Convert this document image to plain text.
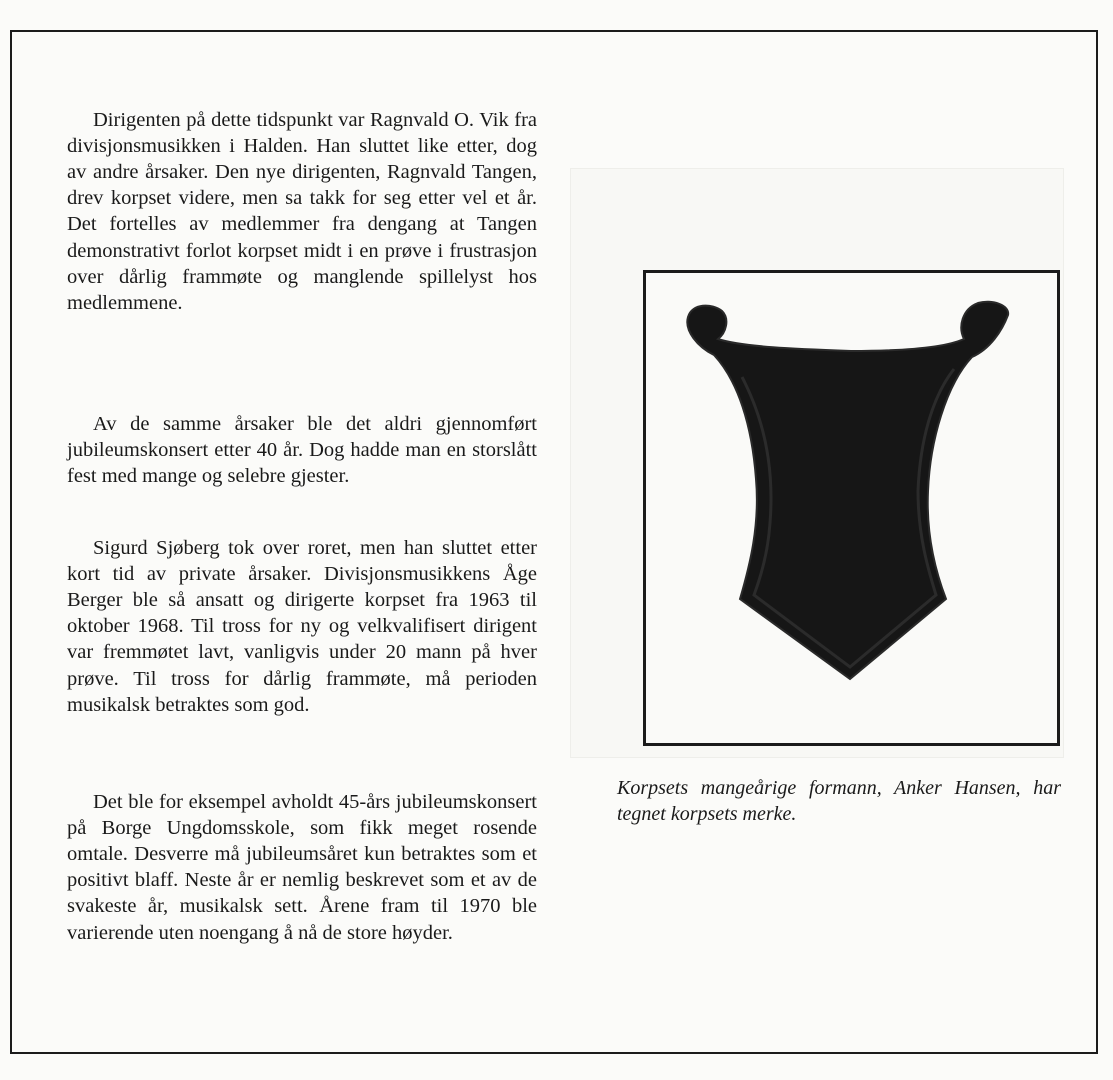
Dirigenten på dette tidspunkt var Ragnvald O. Vik fra divisjonsmusikken i Halden. Han sluttet like etter, dog av andre årsaker. Den nye dirigenten, Ragnvald Tangen, drev korpset videre, men sa takk for seg etter vel et år. Det fortelles av medlemmer fra dengang at Tangen demonstrativt forlot korpset midt i en prøve i frustrasjon over dårlig frammøte og manglende spillelyst hos medlemmene.

Av de samme årsaker ble det aldri gjennomført jubileumskonsert etter 40 år. Dog hadde man en storslått fest med mange og selebre gjester.

Sigurd Sjøberg tok over roret, men han sluttet etter kort tid av private årsaker. Divisjonsmusikkens Åge Berger ble så ansatt og dirigerte korpset fra 1963 til oktober 1968. Til tross for ny og velkvalifisert dirigent var fremmøtet lavt, vanligvis under 20 mann på hver prøve. Til tross for dårlig frammøte, må perioden musikalsk betraktes som god.

Det ble for eksempel avholdt 45-års jubileumskonsert på Borge Ungdomsskole, som fikk meget rosende omtale. Desverre må jubileumsåret kun betraktes som et positivt blaff. Neste år er nemlig beskrevet som et av de svakeste år, musikalsk sett. Årene fram til 1970 ble varierende uten noengang å nå de store høyder.

Korpsets mangeårige formann, Anker Hansen, har tegnet korpsets merke.
